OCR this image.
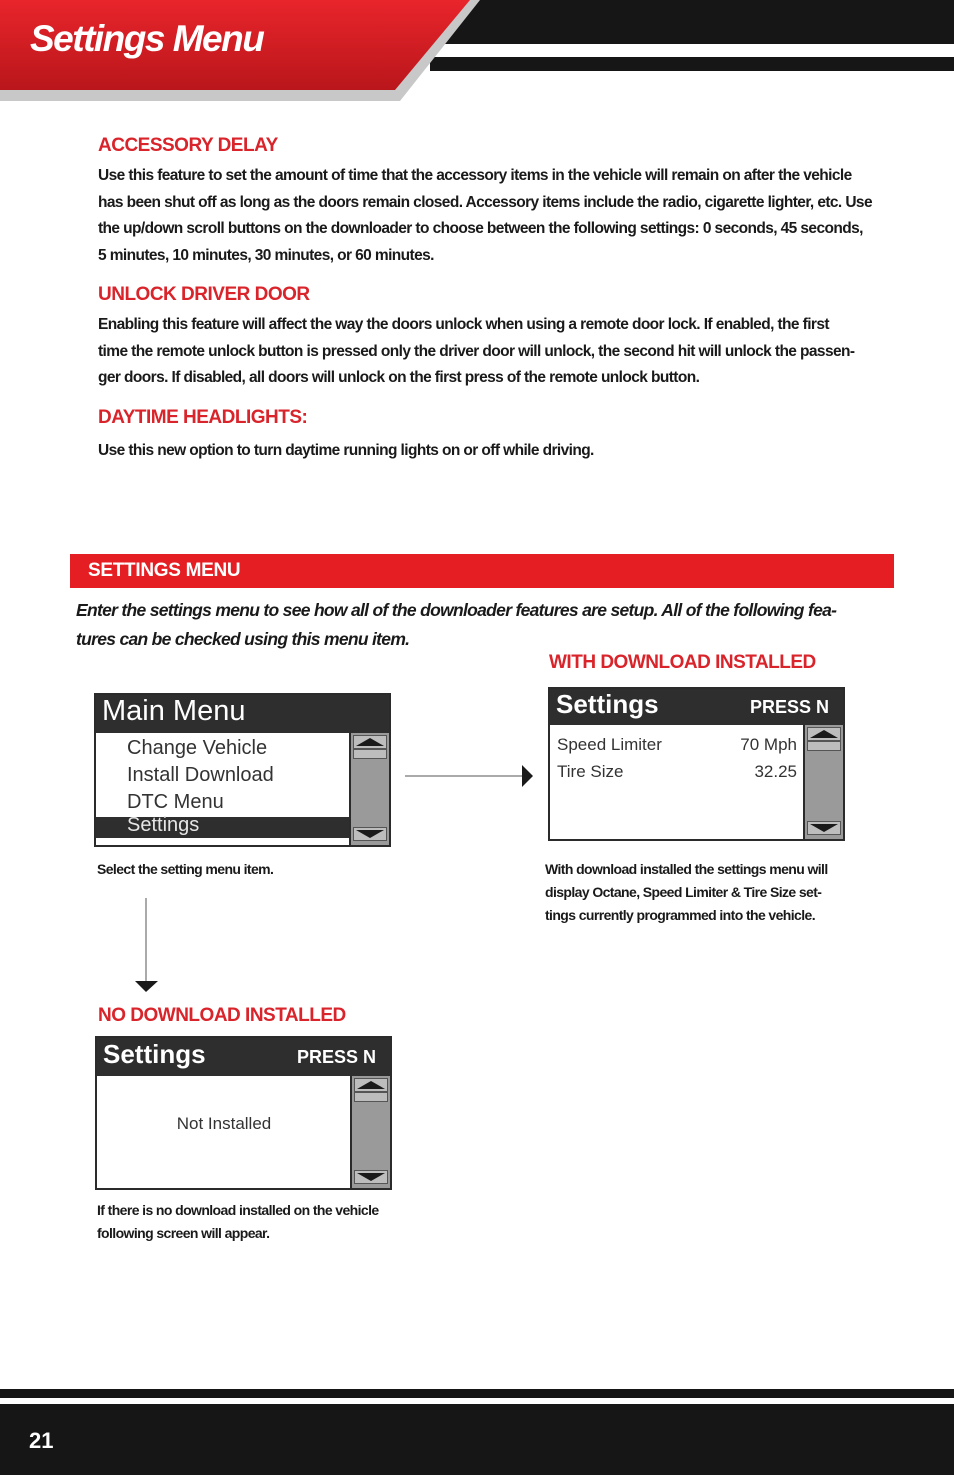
Settings Menu
ACCESSORY DELAY
Use this feature to set the amount of time that the accessory items in the vehicle will remain on after the vehicle
has been shut off as long as the doors remain closed. Accessory items include the radio, cigarette lighter, etc. Use
the up/down scroll buttons on the downloader to choose between the following settings: 0 seconds, 45 seconds,
5 minutes, 10 minutes, 30 minutes, or 60 minutes.
UNLOCK DRIVER DOOR
Enabling this feature will affect the way the doors unlock when using a remote door lock. If enabled, the first
time the remote unlock button is pressed only the driver door will unlock, the second hit will unlock the passen-
ger doors. If disabled, all doors will unlock on the first press of the remote unlock button.
DAYTIME HEADLIGHTS:
Use this new option to turn daytime running lights on or off while driving.
SETTINGS MENU
Enter the settings menu to see how all of the downloader features are setup. All of the following fea-
tures can be checked using this menu item.
Main Menu
Change Vehicle
Install Download
DTC Menu
Settings
Select the setting menu item.
WITH DOWNLOAD INSTALLED
Settings	PRESS N
Speed Limiter	70 Mph
Tire Size	32.25
With download installed the settings menu will
display Octane, Speed Limiter & Tire Size set-
tings currently programmed into the vehicle.
NO DOWNLOAD INSTALLED
Settings	PRESS N
Not Installed
If there is no download installed on the vehicle
following screen will appear.
21
